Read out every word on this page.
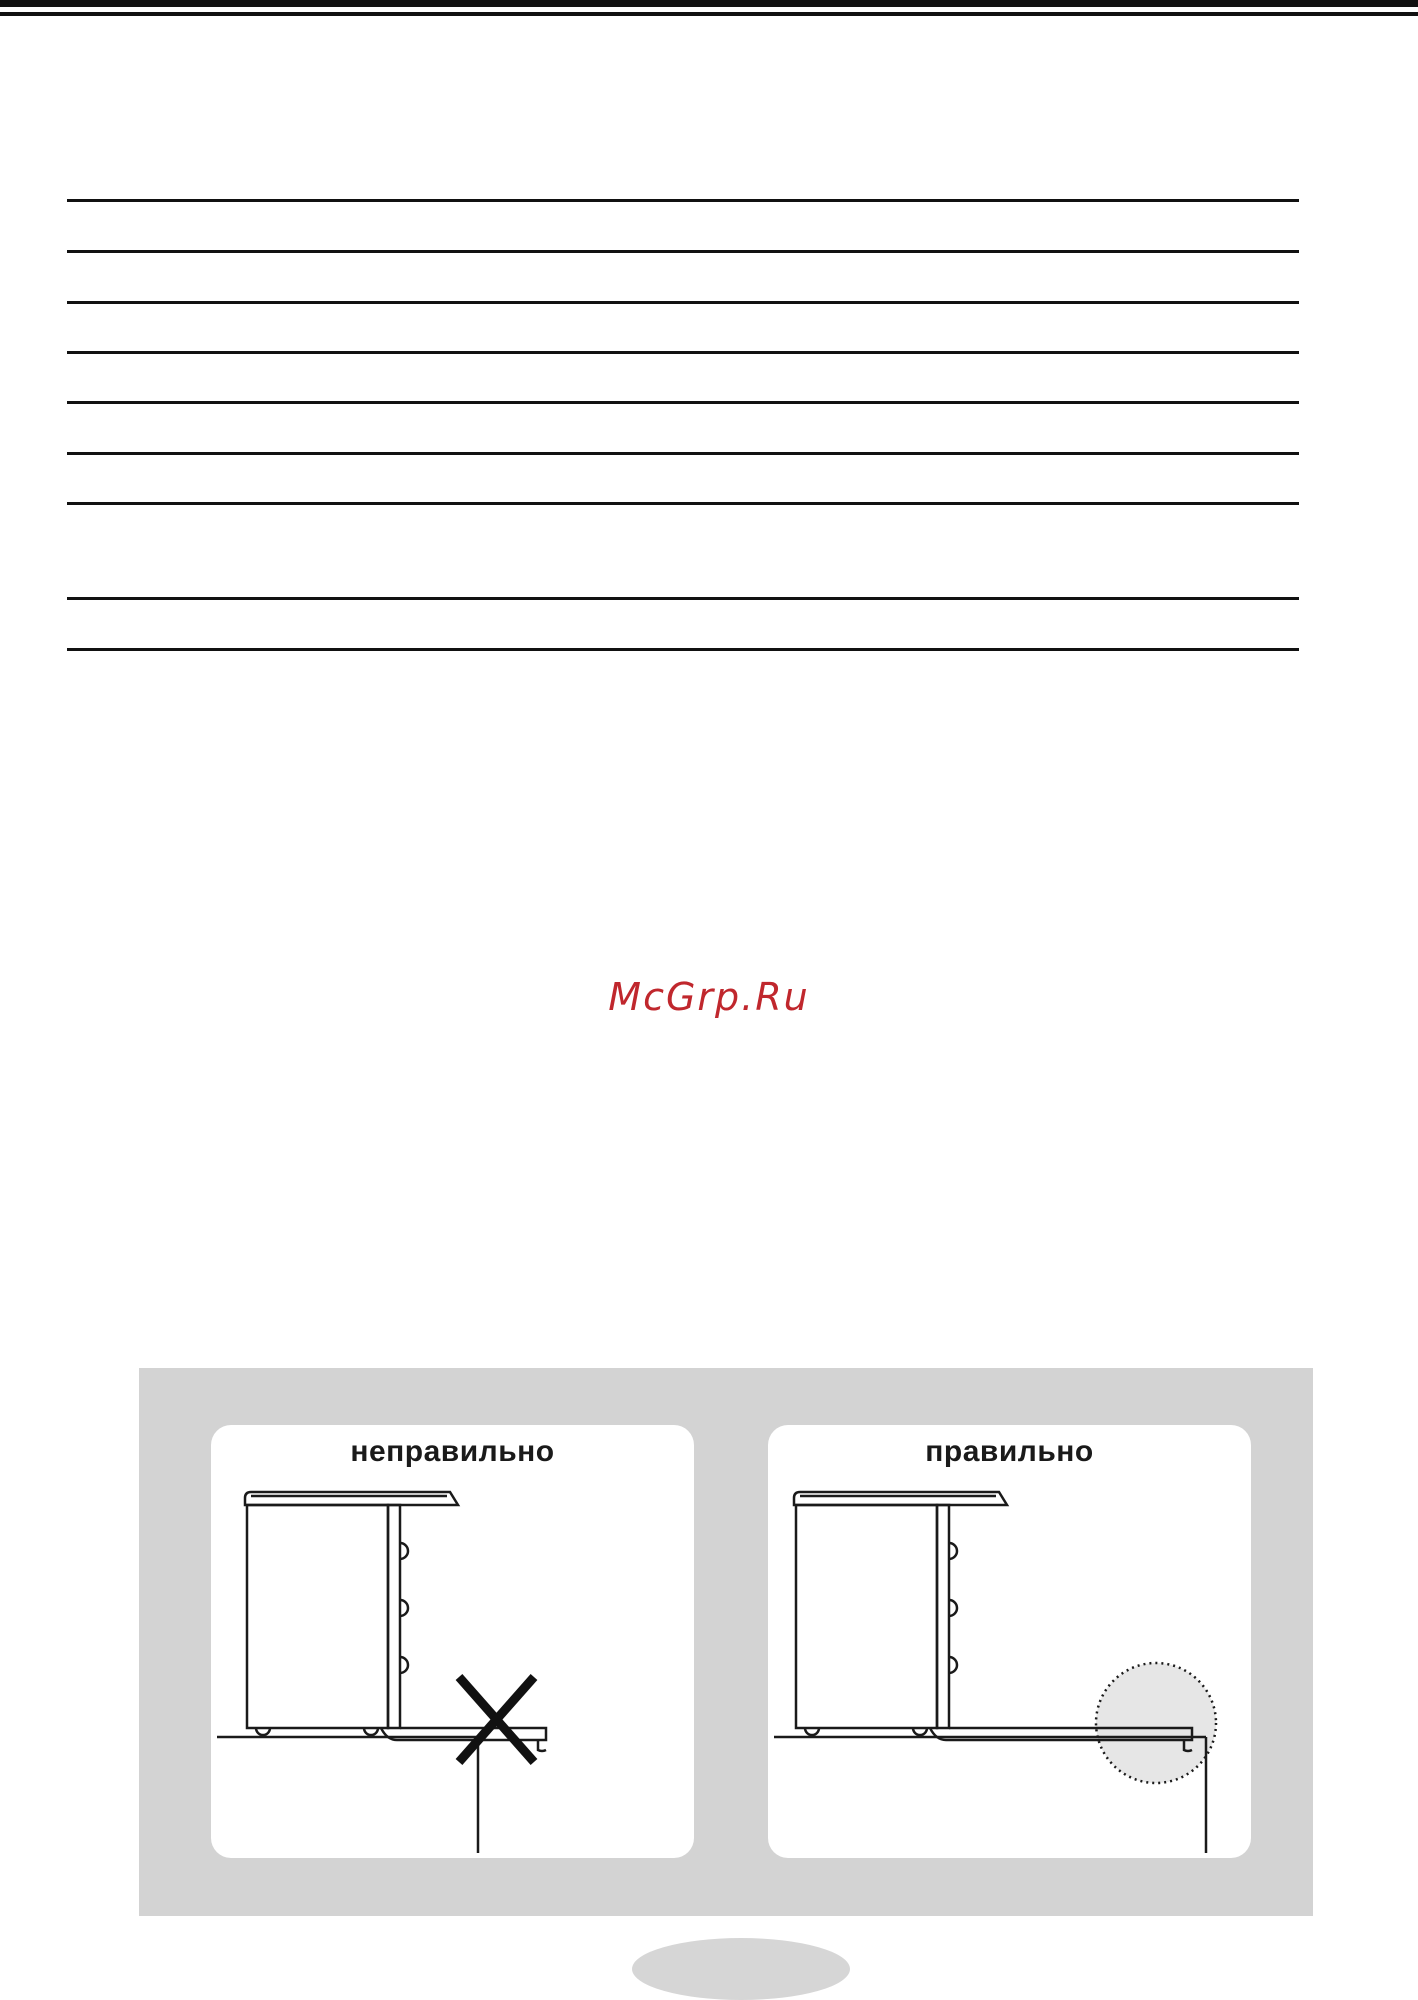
McGrp.Ru
неправильно	правильно
